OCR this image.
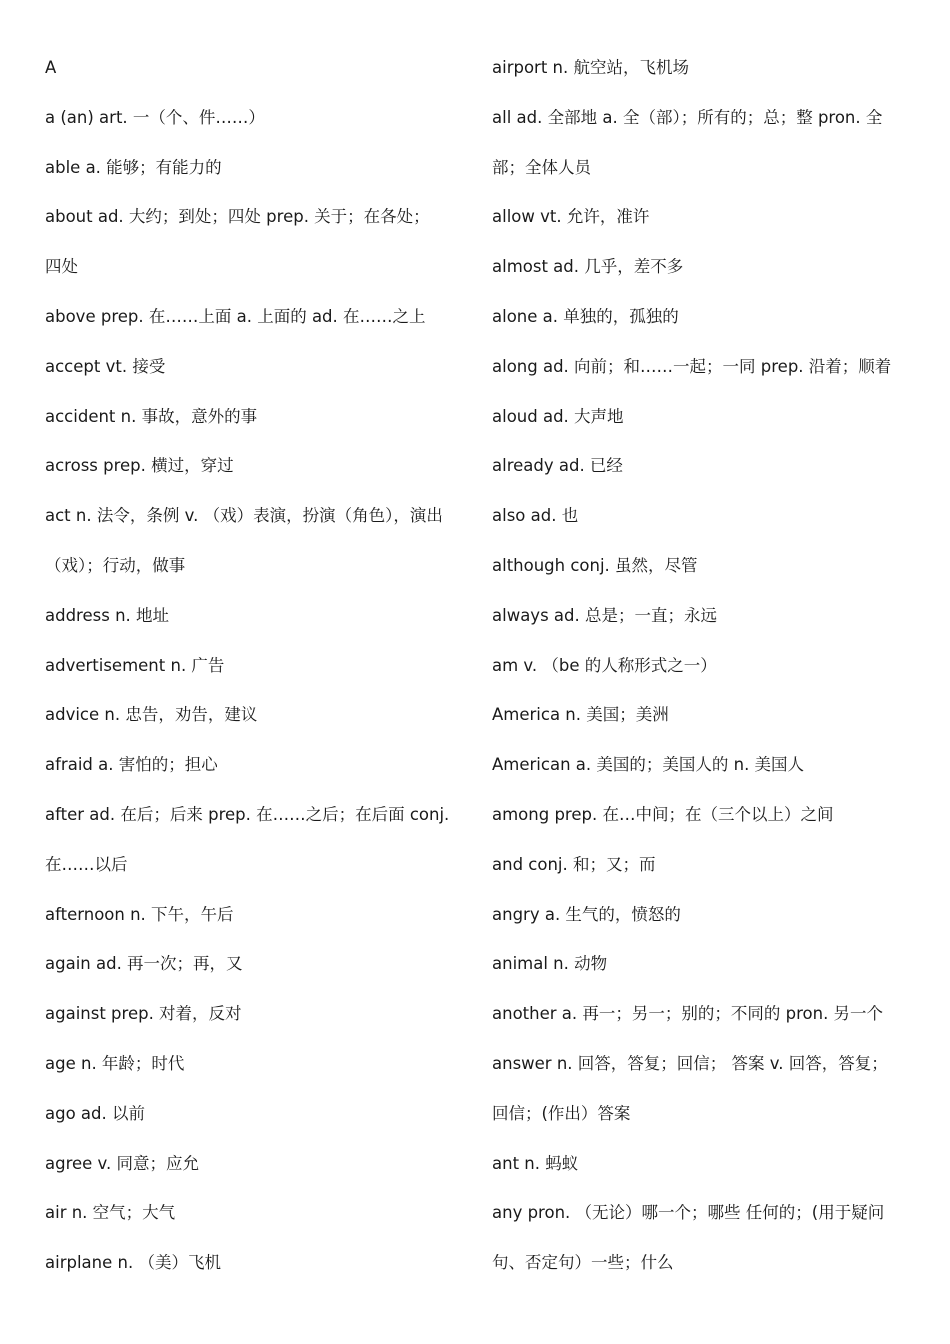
A
a (an) art. 一（个、件……）
able a. 能够；有能力的
about ad. 大约；到处；四处 prep. 关于；在各处；
四处
above prep. 在……上面 a. 上面的 ad. 在……之上
accept vt. 接受
accident n. 事故，意外的事
across prep. 横过，穿过
act n. 法令，条例 v. （戏）表演，扮演（角色），演出
（戏）；行动，做事
address n. 地址
advertisement n. 广告
advice n. 忠告，劝告，建议
afraid a. 害怕的；担心
after ad. 在后；后来 prep. 在……之后；在后面 conj.
在……以后
afternoon n. 下午，午后
again ad. 再一次；再，又
against prep. 对着，反对
age n. 年龄；时代
ago ad. 以前
agree v. 同意；应允
air n. 空气；大气
airplane n. （美）飞机
airport n. 航空站，飞机场
all ad. 全部地 a. 全（部）；所有的；总；整 pron. 全
部；全体人员
allow vt. 允许，准许
almost ad. 几乎，差不多
alone a. 单独的，孤独的
along ad. 向前；和……一起；一同 prep. 沿着；顺着
aloud ad. 大声地
already ad. 已经
also ad. 也
although conj. 虽然，尽管
always ad. 总是；一直；永远
am v. （be 的人称形式之一）
America n. 美国；美洲
American a. 美国的；美国人的 n. 美国人
among prep. 在…中间；在（三个以上）之间
and conj. 和；又；而
angry a. 生气的，愤怒的
animal n. 动物
another a. 再一；另一；别的；不同的 pron. 另一个
answer n. 回答，答复；回信； 答案 v. 回答，答复；
回信；(作出）答案
ant n. 蚂蚁
any pron. （无论）哪一个；哪些 任何的；(用于疑问
句、否定句）一些；什么
